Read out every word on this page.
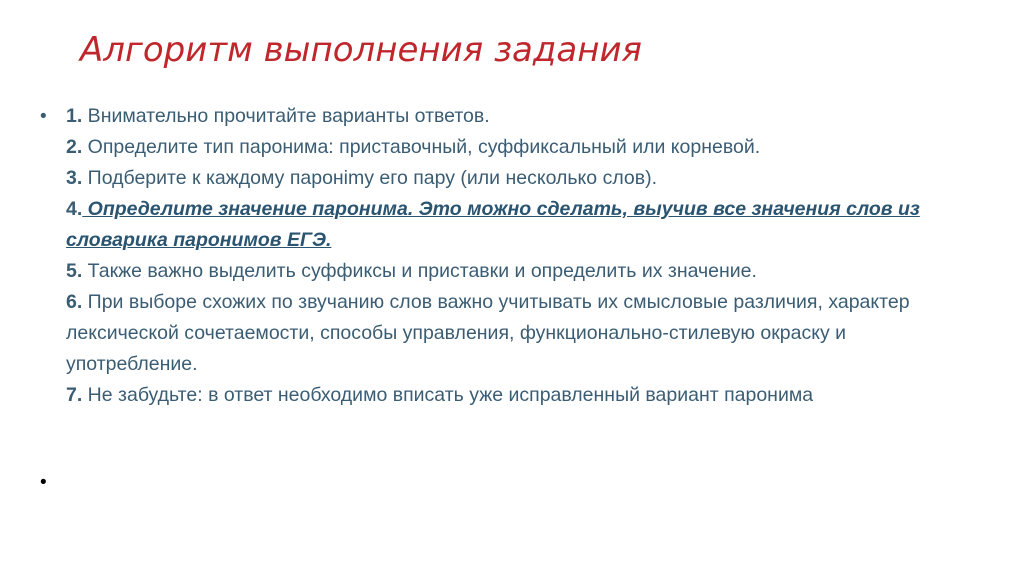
Алгоритм выполнения задания
• 1. Внимательно прочитайте варианты ответов.
2. Определите тип паронима: приставочный, суффиксальный или корневой.
3. Подберите к каждому паронimу его пару (или несколько слов).
4. Определите значение паронима. Это можно сделать, выучив все значения слов из словарика паронимов ЕГЭ.
5. Также важно выделить суффиксы и приставки и определить их значение.
6. При выборе схожих по звучанию слов важно учитывать их смысловые различия, характер лексической сочетаемости, способы управления, функционально-стилевую окраску и употребление.
7. Не забудьте: в ответ необходимо вписать уже исправленный вариант паронима
•
